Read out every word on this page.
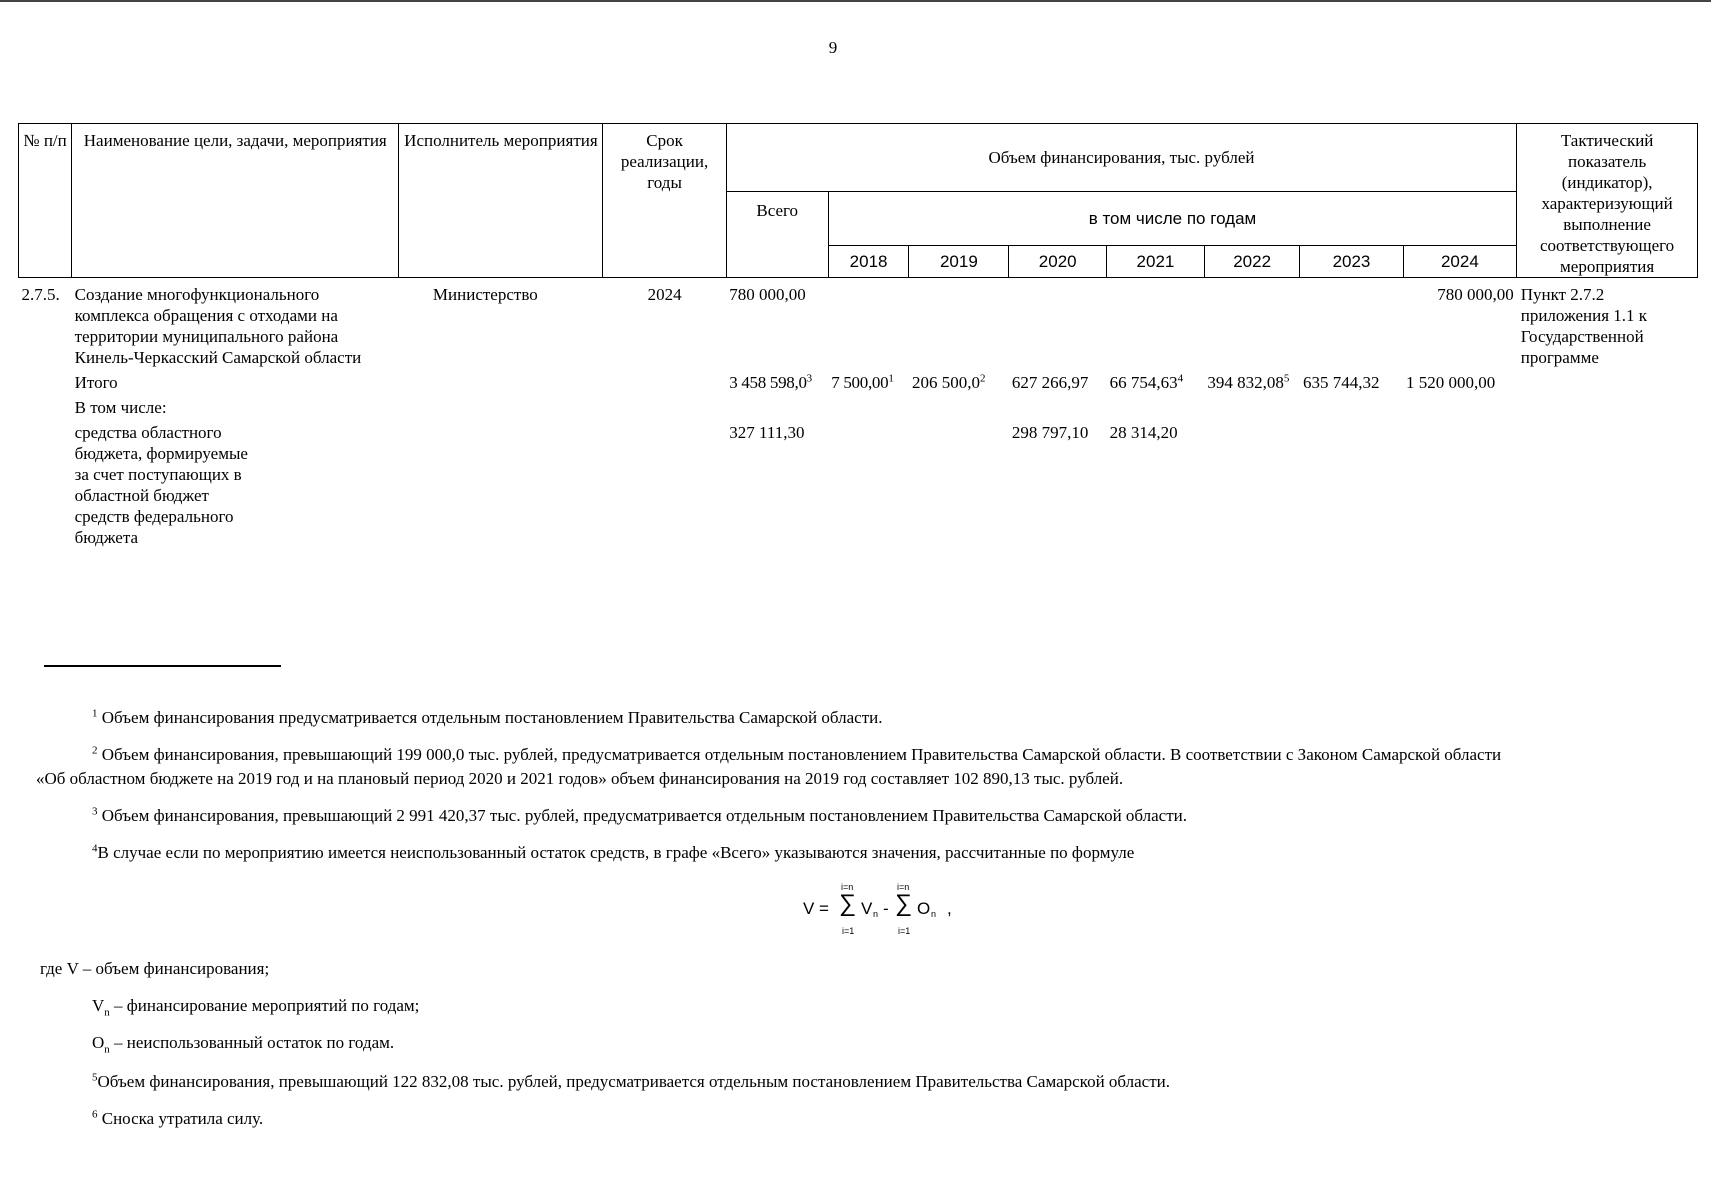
9
№ п/п	Наименование цели, задачи, мероприятия	Исполнитель мероприятия	Срок реализации, годы	Объем финансирования, тыс. рублей								Тактический показатель (индикатор), характеризующий выполнение соответствующего мероприятия
				Всего	в том числе по годам							
					2018	2019	2020	2021	2022	2023	2024	
2.7.5.	Создание многофункционального комплекса обращения с отходами на территории муниципального района Кинель-Черкасский Самарской области	Министерство	2024	780 000,00							780 000,00	Пункт 2.7.2 приложения 1.1 к Государственной программе
	Итого			3 458 598,0$^3$	7 500,00$^1$	206 500,0$^2$	627 266,97	66 754,63$^4$	394 832,08$^5$	635 744,32	1 520 000,00	
	В том числе:											

	средства областного бюджета, формируемые за счет поступающих в областной бюджет средств федерального бюджета			327 111,30			298 797,10	28 314,20				
$^1$ Объем финансирования предусматривается отдельным постановлением Правительства Самарской области.
$^2$ Объем финансирования, превышающий 199 000,0 тыс. рублей, предусматривается отдельным постановлением Правительства Самарской области. В соответствии с Законом Самарской области
«Об областном бюджете на 2019 год и на плановый период 2020 и 2021 годов» объем финансирования на 2019 год составляет 102 890,13 тыс. рублей.
$^3$ Объем финансирования, превышающий 2 991 420,37 тыс. рублей, предусматривается отдельным постановлением Правительства Самарской области.
$^4$В случае если по мероприятию имеется неиспользованный остаток средств, в графе «Всего» указываются значения, рассчитанные по формуле
V = ∑
i=n
i=1
V n - ∑
i=n
i=1
O n ,
где V – объем финансирования;
$V_n$ – финансирование мероприятий по годам;
$O_n$ – неиспользованный остаток по годам.
$^5$Объем финансирования, превышающий 122 832,08 тыс. рублей, предусматривается отдельным постановлением Правительства Самарской области.
$^6$ Сноска утратила силу.
